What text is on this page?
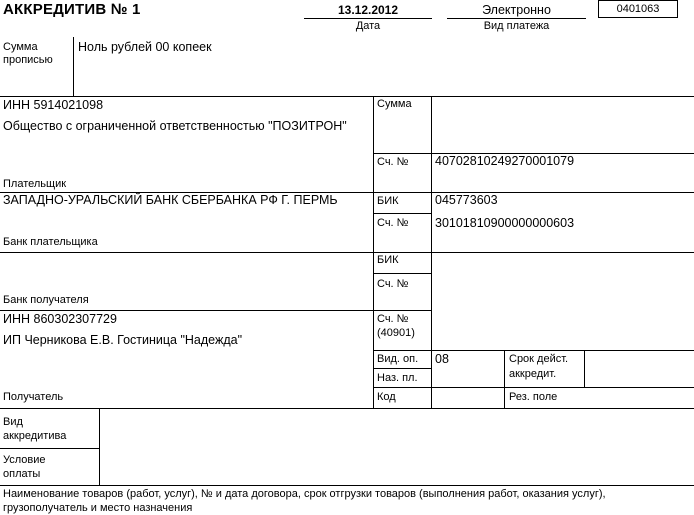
АККРЕДИТИВ № 1	13.12.2012
Дата
Электронно
Вид платежа
0401063
Сумма
прописью
Ноль рублей 00 копеек
ИНН 5914021098
Общество с ограниченной ответственностью "ПОЗИТРОН"
Плательщик
Сумма
Сч. № 40702810249270001079
ЗАПАДНО-УРАЛЬСКИЙ БАНК СБЕРБАНКА РФ Г. ПЕРМЬ
Банк плательщика
БИК	045773603
Сч. № 30101810900000000603
Банк получателя
БИК
Сч. №
ИНН 860302307729
ИП Черникова Е.В. Гостиница "Надежда"
Получатель
Сч. №
(40901)
Вид. оп. 08
Наз. пл.
Код
Срок дейст.
аккредит.
Рез. поле
Вид
аккредитива
Условие
оплаты
Наименование товаров (работ, услуг), № и дата договора, срок отгрузки товаров (выполнения работ, оказания услуг),
грузополучатель и место назначения
